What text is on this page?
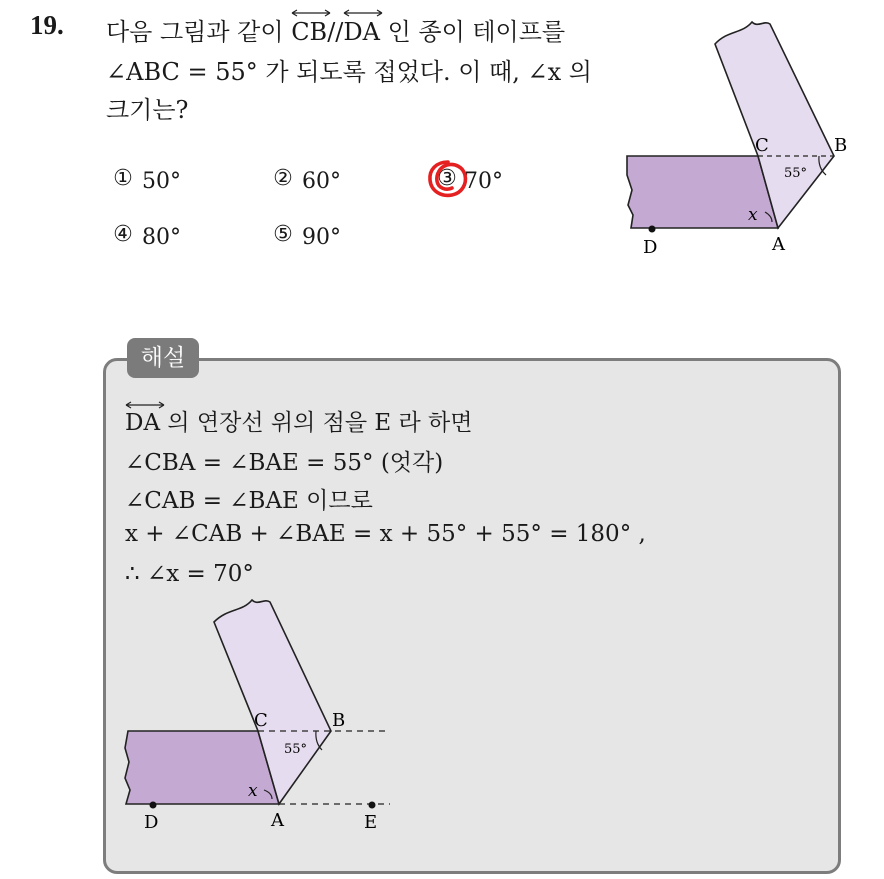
19. 다음 그림과 같이
CB//
DA 인 종이 테이프를
∠ABC = 55° 가 되도록 접었다. 이 때, ∠x 의
크기는?
① 50°	② 60°	③ 70°
④ 80°	⑤ 90°
C	B
D	A
x
55°
해설
DA 의 연장선 위의 점을 E 라 하면
∠CBA = ∠BAE = 55° (엇각)
∠CAB = ∠BAE 이므로
x + ∠CAB + ∠BAE = x + 55° + 55° = 180° ,
∴ ∠x = 70°
C	B
D	A	E
x
55°
